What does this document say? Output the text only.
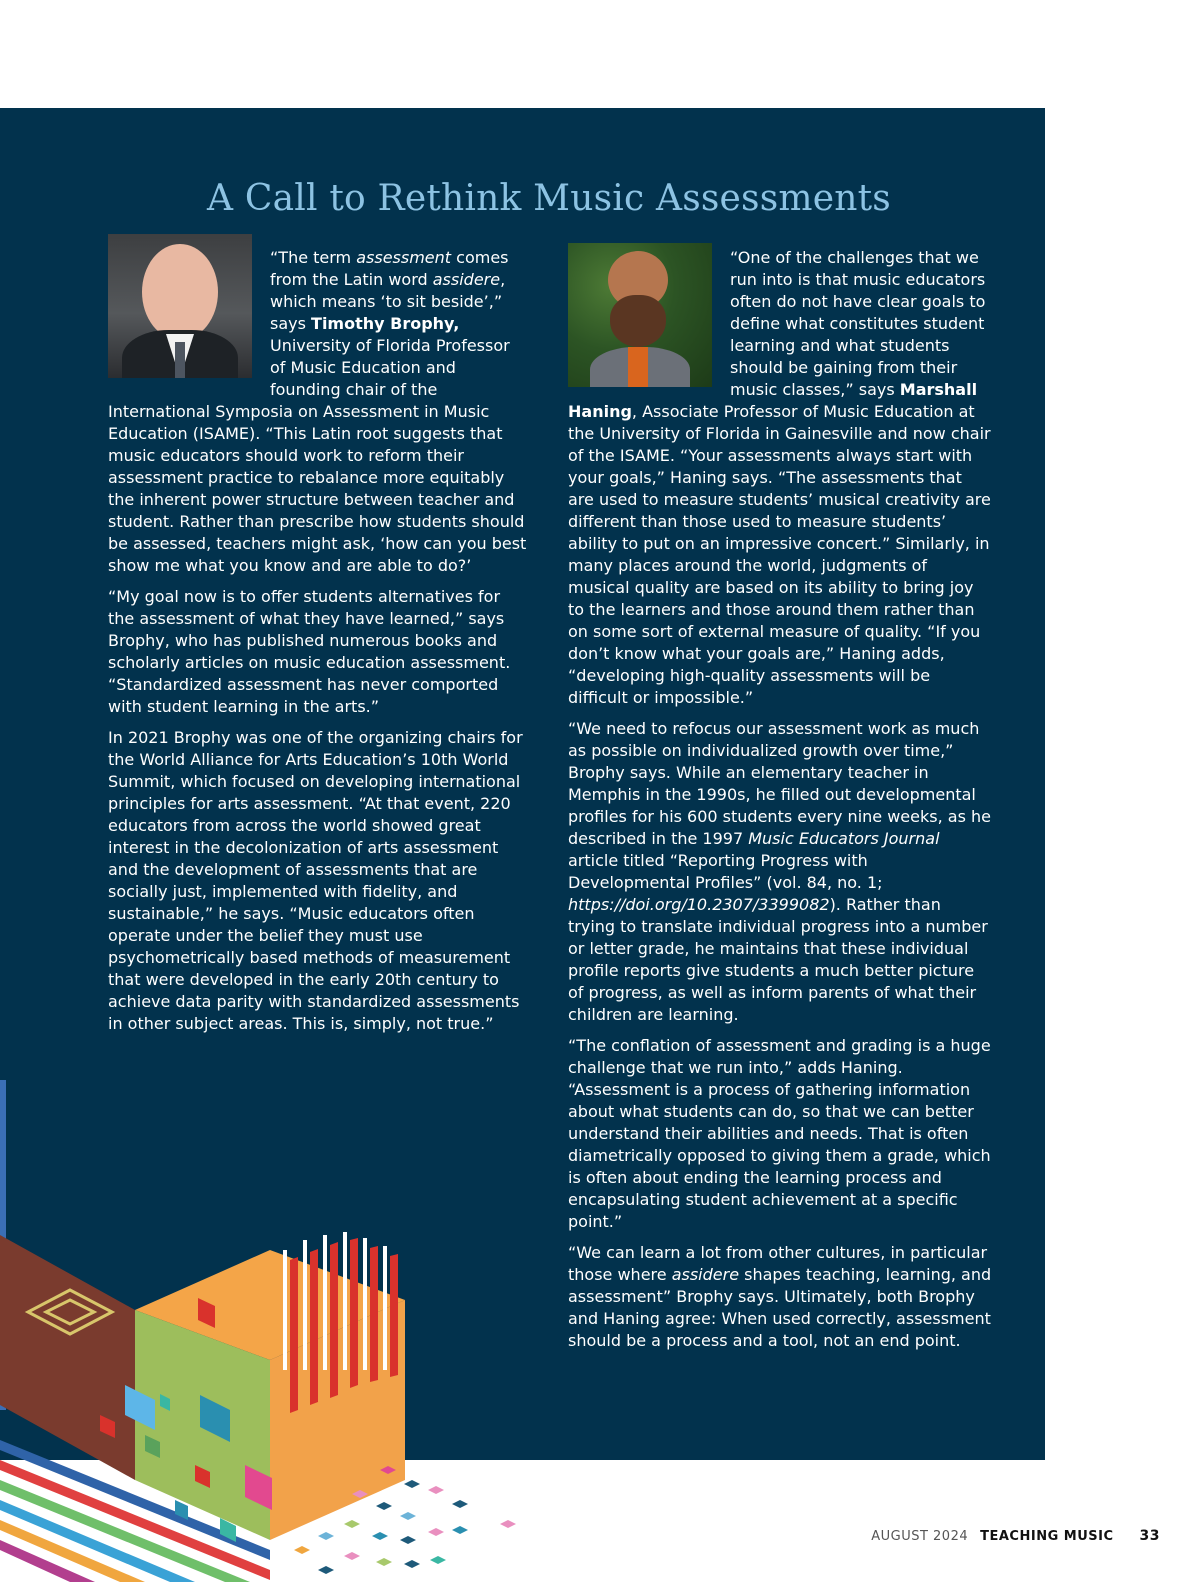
A Call to Rethink Music Assessments

“The term assessment comes from the Latin word assidere, which means ‘to sit beside’,” says Timothy Brophy, University of Florida Professor of Music Education and founding chair of the International Symposia on Assessment in Music Education (ISAME). “This Latin root suggests that music educators should work to reform their assessment practice to rebalance more equitably the inherent power structure between teacher and student. Rather than prescribe how students should be assessed, teachers might ask, ‘how can you best show me what you know and are able to do?’

“My goal now is to offer students alternatives for the assessment of what they have learned,” says Brophy, who has published numerous books and scholarly articles on music education assessment. “Standardized assessment has never comported with student learning in the arts.”

In 2021 Brophy was one of the organizing chairs for the World Alliance for Arts Education’s 10th World Summit, which focused on developing international principles for arts assessment. “At that event, 220 educators from across the world showed great interest in the decolonization of arts assessment and the development of assessments that are socially just, implemented with fidelity, and sustainable,” he says. “Music educators often operate under the belief they must use psychometrically based methods of measurement that were developed in the early 20th century to achieve data parity with standardized assessments in other subject areas. This is, simply, not true.”

“One of the challenges that we run into is that music educators often do not have clear goals to define what constitutes student learning and what students should be gaining from their music classes,” says Marshall Haning, Associate Professor of Music Education at the University of Florida in Gainesville and now chair of the ISAME. “Your assessments always start with your goals,” Haning says. “The assessments that are used to measure students’ musical creativity are different than those used to measure students’ ability to put on an impressive concert.” Similarly, in many places around the world, judgments of musical quality are based on its ability to bring joy to the learners and those around them rather than on some sort of external measure of quality. “If you don’t know what your goals are,” Haning adds, “developing high-quality assessments will be difficult or impossible.”

“We need to refocus our assessment work as much as possible on individualized growth over time,” Brophy says. While an elementary teacher in Memphis in the 1990s, he filled out developmental profiles for his 600 students every nine weeks, as he described in the 1997 Music Educators Journal article titled “Reporting Progress with Developmental Profiles” (vol. 84, no. 1; https://doi.org/10.2307/3399082). Rather than trying to translate individual progress into a number or letter grade, he maintains that these individual profile reports give students a much better picture of progress, as well as inform parents of what their children are learning.

“The conflation of assessment and grading is a huge challenge that we run into,” adds Haning. “Assessment is a process of gathering information about what students can do, so that we can better understand their abilities and needs. That is often diametrically opposed to giving them a grade, which is often about ending the learning process and encapsulating student achievement at a specific point.”

“We can learn a lot from other cultures, in particular those where assidere shapes teaching, learning, and assessment” Brophy says. Ultimately, both Brophy and Haning agree: When used correctly, assessment should be a process and a tool, not an end point.

AUGUST 2024 TEACHING MUSIC 33
